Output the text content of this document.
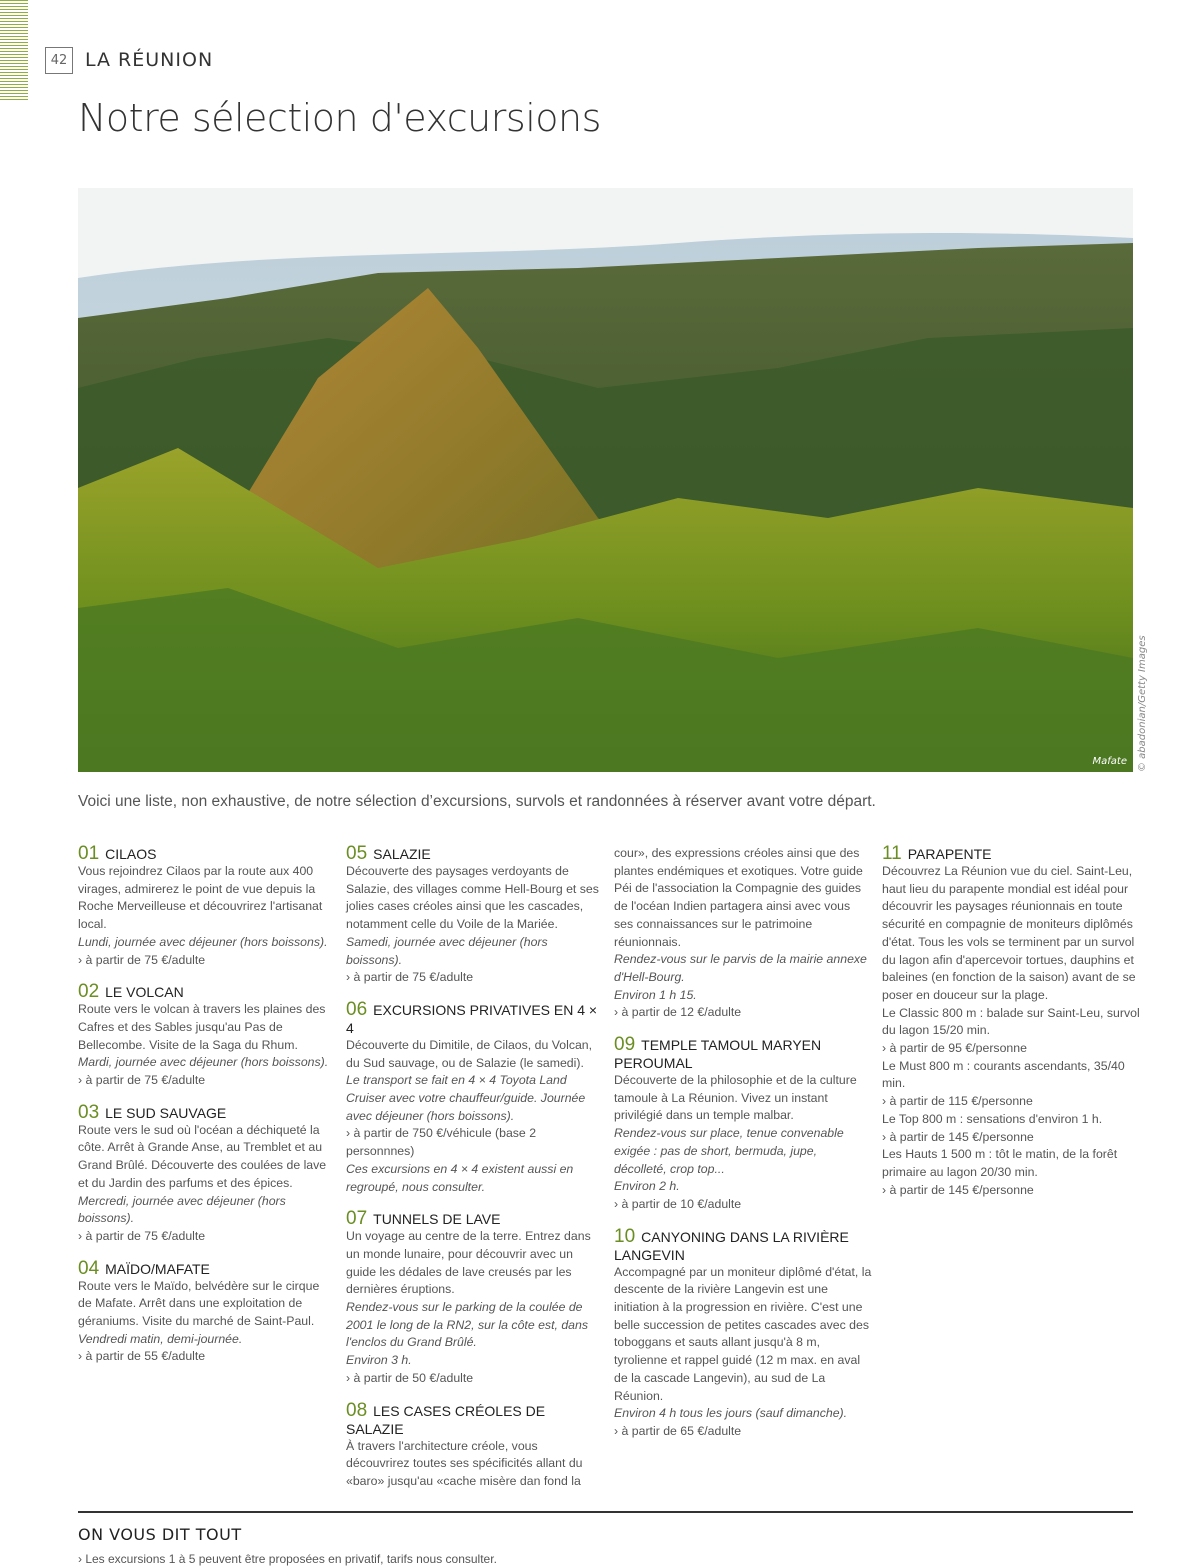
42 LA RÉUNION
Notre sélection d'excursions
Mafate © abadonian/Getty Images
Voici une liste, non exhaustive, de notre sélection d’excursions, survols et randonnées à réserver avant votre départ.
01 CILAOS

Vous rejoindrez Cilaos par la route aux 400 virages, admirerez le point de vue depuis la Roche Merveilleuse et découvrirez l'artisanat local.

Lundi, journée avec déjeuner (hors boissons).

› à partir de 75 €/adulte

02 LE VOLCAN

Route vers le volcan à travers les plaines des Cafres et des Sables jusqu'au Pas de Bellecombe. Visite de la Saga du Rhum.

Mardi, journée avec déjeuner (hors boissons).

› à partir de 75 €/adulte

03 LE SUD SAUVAGE

Route vers le sud où l'océan a déchiqueté la côte. Arrêt à Grande Anse, au Tremblet et au Grand Brûlé. Découverte des coulées de lave et du Jardin des parfums et des épices.

Mercredi, journée avec déjeuner (hors boissons).

› à partir de 75 €/adulte

04 MAÏDO/MAFATE

Route vers le Maïdo, belvédère sur le cirque de Mafate. Arrêt dans une exploitation de géraniums. Visite du marché de Saint-Paul.

Vendredi matin, demi-journée.

› à partir de 55 €/adulte

05 SALAZIE

Découverte des paysages verdoyants de Salazie, des villages comme Hell-Bourg et ses jolies cases créoles ainsi que les cascades, notamment celle du Voile de la Mariée.

Samedi, journée avec déjeuner (hors boissons).

› à partir de 75 €/adulte

06 EXCURSIONS PRIVATIVES EN 4 × 4

Découverte du Dimitile, de Cilaos, du Volcan, du Sud sauvage, ou de Salazie (le samedi).

Le transport se fait en 4 × 4 Toyota Land Cruiser avec votre chauffeur/guide. Journée avec déjeuner (hors boissons).

› à partir de 750 €/véhicule (base 2 personnnes)

Ces excursions en 4 × 4 existent aussi en regroupé, nous consulter.

07 TUNNELS DE LAVE

Un voyage au centre de la terre. Entrez dans un monde lunaire, pour découvrir avec un guide les dédales de lave creusés par les dernières éruptions.

Rendez-vous sur le parking de la coulée de 2001 le long de la RN2, sur la côte est, dans l'enclos du Grand Brûlé.

Environ 3 h.

› à partir de 50 €/adulte

08 LES CASES CRÉOLES DE SALAZIE

À travers l'architecture créole, vous découvrirez toutes ses spécificités allant du «baro» jusqu'au «cache misère dan fond la

cour», des expressions créoles ainsi que des plantes endémiques et exotiques. Votre guide Péi de l'association la Compagnie des guides de l'océan Indien partagera ainsi avec vous ses connaissances sur le patrimoine réunionnais.

Rendez-vous sur le parvis de la mairie annexe d'Hell-Bourg.

Environ 1 h 15.

› à partir de 12 €/adulte

09 TEMPLE TAMOUL MARYEN PEROUMAL

Découverte de la philosophie et de la culture tamoule à La Réunion. Vivez un instant privilégié dans un temple malbar.

Rendez-vous sur place, tenue convenable exigée : pas de short, bermuda, jupe, décolleté, crop top...

Environ 2 h.

› à partir de 10 €/adulte

10 CANYONING DANS LA RIVIÈRE LANGEVIN

Accompagné par un moniteur diplômé d'état, la descente de la rivière Langevin est une initiation à la progression en rivière. C'est une belle succession de petites cascades avec des toboggans et sauts allant jusqu'à 8 m, tyrolienne et rappel guidé (12 m max. en aval de la cascade Langevin), au sud de La Réunion.

Environ 4 h tous les jours (sauf dimanche).

› à partir de 65 €/adulte

11 PARAPENTE

Découvrez La Réunion vue du ciel. Saint-Leu, haut lieu du parapente mondial est idéal pour découvrir les paysages réunionnais en toute sécurité en compagnie de moniteurs diplômés d'état. Tous les vols se terminent par un survol du lagon afin d'apercevoir tortues, dauphins et baleines (en fonction de la saison) avant de se poser en douceur sur la plage.

Le Classic 800 m : balade sur Saint-Leu, survol du lagon 15/20 min.

› à partir de 95 €/personne

Le Must 800 m : courants ascendants, 35/40 min.

› à partir de 115 €/personne

Le Top 800 m : sensations d'environ 1 h.

› à partir de 145 €/personne

Les Hauts 1 500 m : tôt le matin, de la forêt primaire au lagon 20/30 min.

› à partir de 145 €/personne

ON VOUS DIT TOUT
› Les excursions 1 à 5 peuvent être proposées en privatif, tarifs nous consulter.
